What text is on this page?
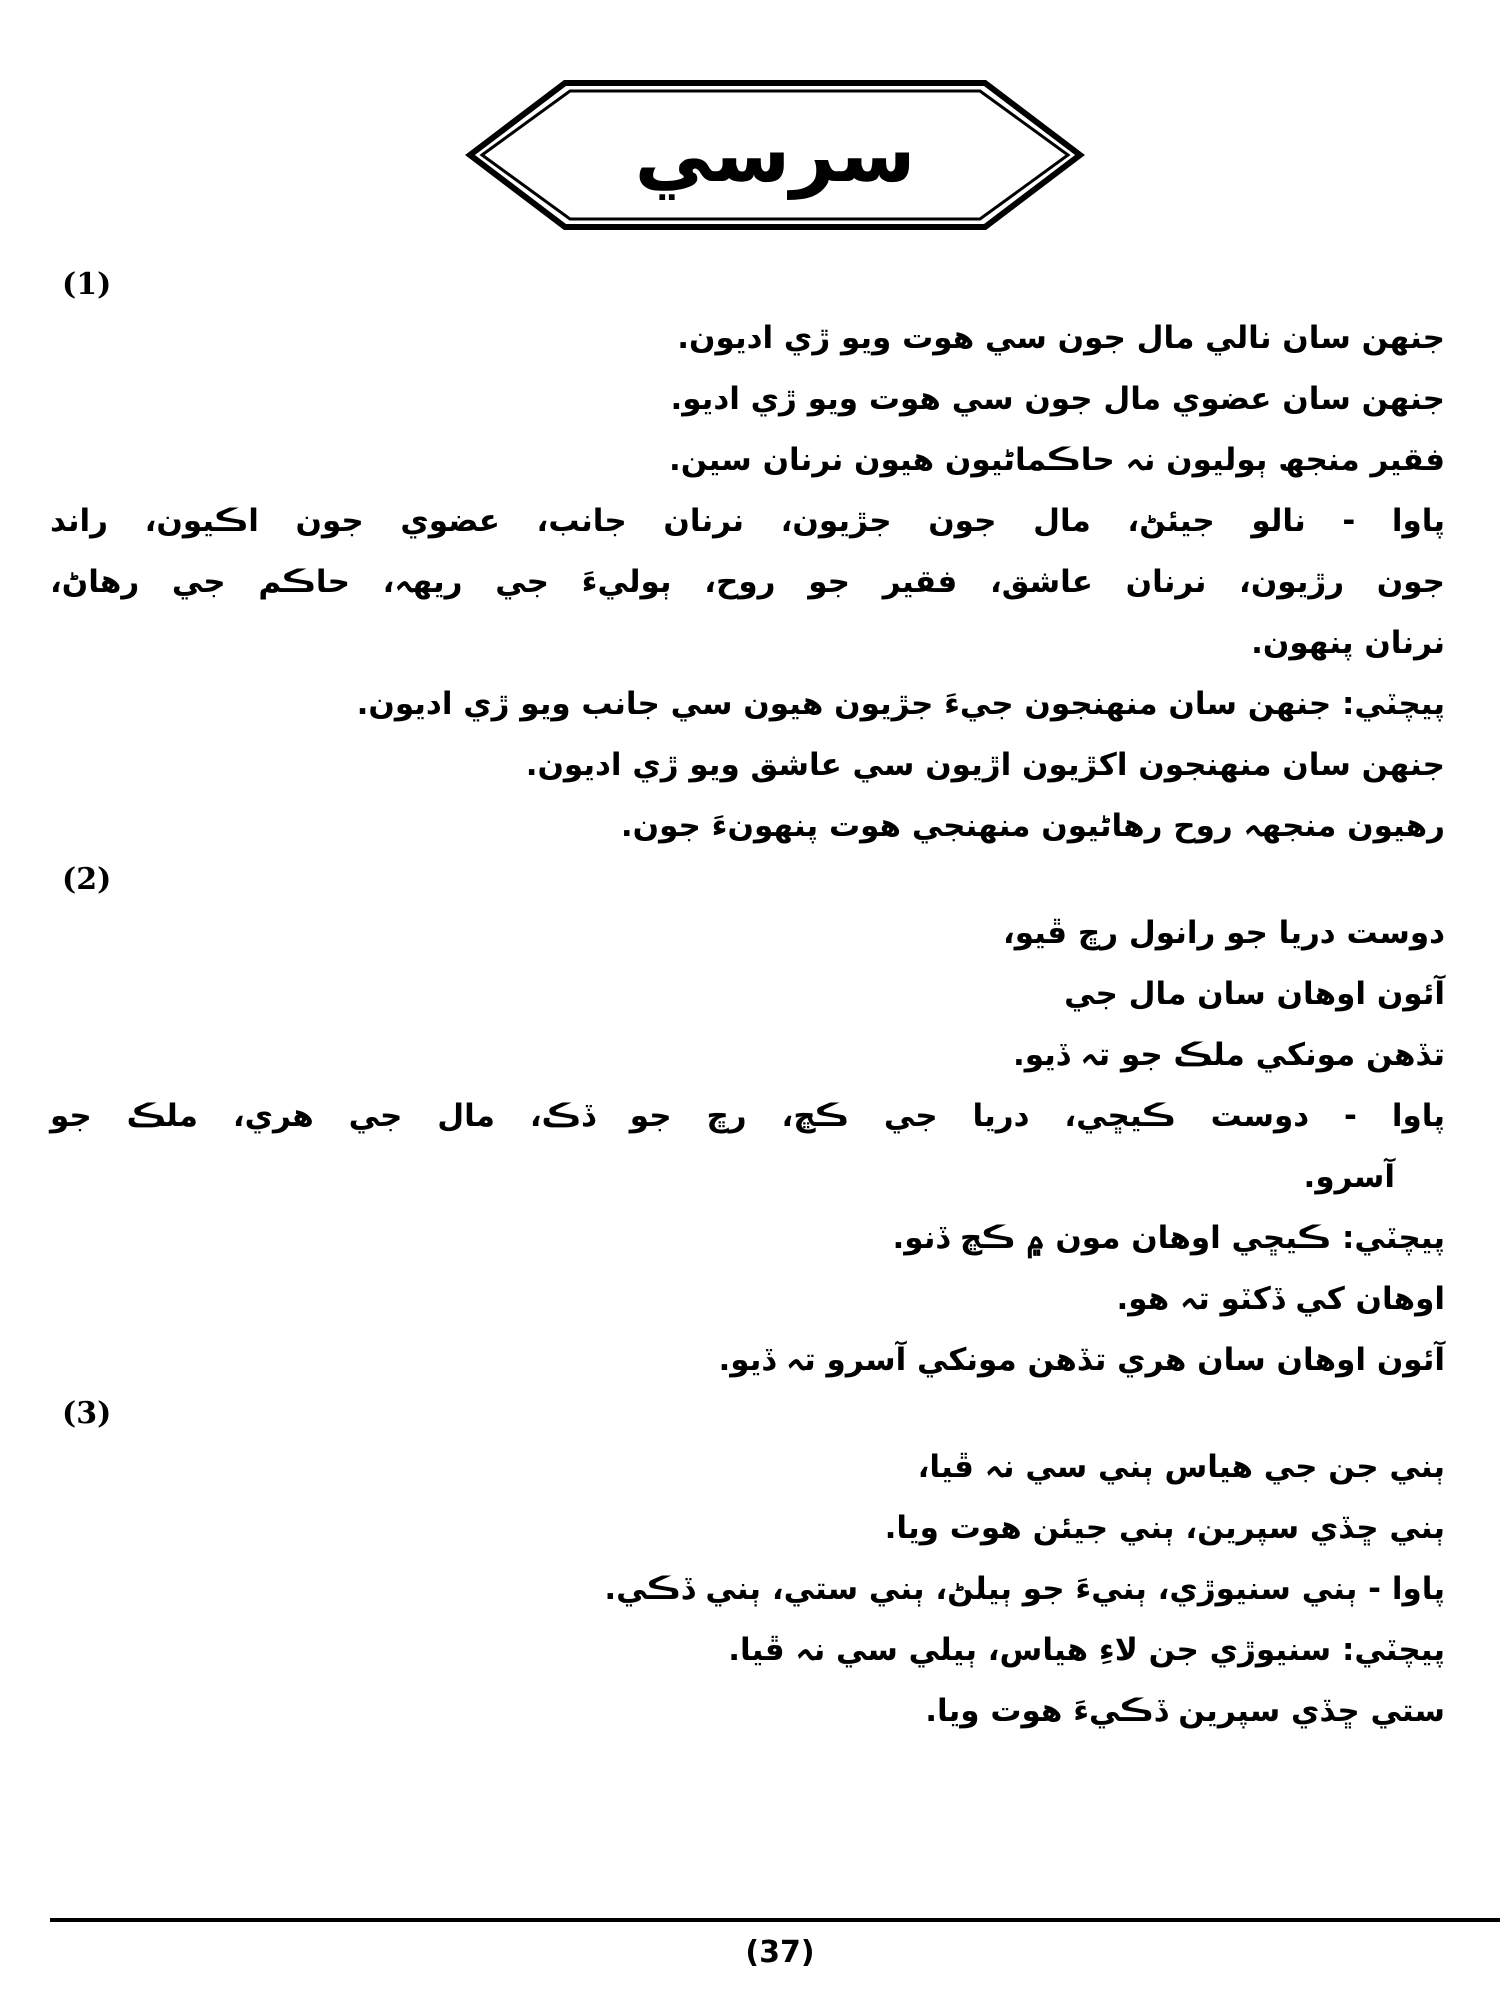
سرسي
(1)
جنهن سان نالي مال جون سي هوت ويو ڙي اديون.
جنهن سان عضوي مال جون سي هوت ويو ڙي اديو.
فقير منجھ ٻوليون نہ حاڪماڻيون هيون نرنان سين.
پاوا - نالو جيئڻ، مال جون جڙيون، نرنان جانب، عضوي جون اڪيون، راند
جون رڙيون، نرنان عاشق، فقير جو روح، ٻوليءَ جي ريھہ، حاڪم جي رهاڻ،
نرنان پنهون.
پيچٽي: جنهن سان منهنجون جيءَ جڙيون هيون سي جانب ويو ڙي اديون.
جنهن سان منهنجون اکڙيون اڙيون سي عاشق ويو ڙي اديون.
رهيون منجھہ روح رهاڻيون منهنجي هوت پنهونءَ جون.
(2)
دوست دريا جو رانول رڇ ڦيو،
آئون اوهان سان مال جي
تڏهن مونکي ملڪ جو تہ ڏيو.
پاوا - دوست ڪيڇي، دريا جي ڪڇ، رڇ جو ڏڪ، مال جي هري، ملڪ جو
آسرو.
پيچٽي: ڪيڇي اوهان مون ۾ ڪڇ ڏنو.
اوهان کي ڏکٽو تہ هو.
آئون اوهان سان هري تڏهن مونکي آسرو تہ ڏيو.
(3)
ٻني جن جي هياس ٻني سي نہ ڦيا،
ٻني ڇڏي سپرين، ٻني جيئن هوت ويا.
پاوا - ٻني سنيوڙي، ٻنيءَ جو ٻيلڻ، ٻني ستي، ٻني ڏڪي.
پيچٽي: سنيوڙي جن لاءِ هياس، ٻيلي سي نہ ڦيا.
ستي ڇڏي سپرين ڏڪيءَ هوت ويا.
(37)
